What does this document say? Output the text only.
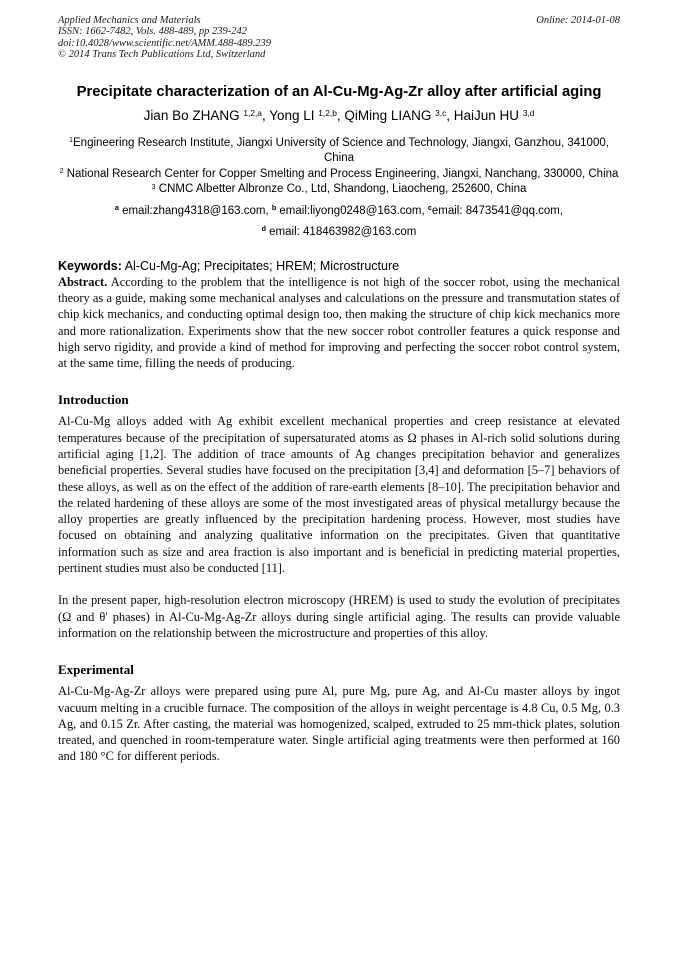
Applied Mechanics and Materials
ISSN: 1662-7482, Vols. 488-489, pp 239-242
doi:10.4028/www.scientific.net/AMM.488-489.239
© 2014 Trans Tech Publications Ltd, Switzerland
Online: 2014-01-08
Precipitate characterization of an Al-Cu-Mg-Ag-Zr alloy after artificial aging
Jian Bo ZHANG $^{1,2,a}$, Yong LI $^{1,2,b}$, QiMing LIANG $^{3,c}$, HaiJun HU $^{3,d}$
$^1$Engineering Research Institute, Jiangxi University of Science and Technology, Jiangxi, Ganzhou, 341000, China
$^2$ National Research Center for Copper Smelting and Process Engineering, Jiangxi, Nanchang, 330000, China
$^3$ CNMC Albetter Albronze Co., Ltd, Shandong, Liaocheng, 252600, China
$^a$ email:zhang4318@163.com, $^b$ email:liyong0248@163.com, $^c$email: 8473541@qq.com,
$^d$ email: 418463982@163.com

Keywords: Al-Cu-Mg-Ag; Precipitates; HREM; Microstructure

Abstract. According to the problem that the intelligence is not high of the soccer robot, using the mechanical theory as a guide, making some mechanical analyses and calculations on the pressure and transmutation states of chip kick mechanics, and conducting optimal design too, then making the structure of chip kick mechanics more and more rationalization. Experiments show that the new soccer robot controller features a quick response and high servo rigidity, and provide a kind of method for improving and perfecting the soccer robot control system, at the same time, filling the needs of producing.

Introduction

Al-Cu-Mg alloys added with Ag exhibit excellent mechanical properties and creep resistance at elevated temperatures because of the precipitation of supersaturated atoms as Ω phases in Al-rich solid solutions during artificial aging [1,2]. The addition of trace amounts of Ag changes precipitation behavior and generalizes beneficial properties. Several studies have focused on the precipitation [3,4] and deformation [5–7] behaviors of these alloys, as well as on the effect of the addition of rare-earth elements [8–10]. The precipitation behavior and the related hardening of these alloys are some of the most investigated areas of physical metallurgy because the alloy properties are greatly influenced by the precipitation hardening process. However, most studies have focused on obtaining and analyzing qualitative information on the precipitates. Given that quantitative information such as size and area fraction is also important and is beneficial in predicting material properties, pertinent studies must also be conducted [11].

In the present paper, high-resolution electron microscopy (HREM) is used to study the evolution of precipitates (Ω and θ' phases) in Al-Cu-Mg-Ag-Zr alloys during single artificial aging. The results can provide valuable information on the relationship between the microstructure and properties of this alloy.

Experimental

Al-Cu-Mg-Ag-Zr alloys were prepared using pure Al, pure Mg, pure Ag, and Al-Cu master alloys by ingot vacuum melting in a crucible furnace. The composition of the alloys in weight percentage is 4.8 Cu, 0.5 Mg, 0.3 Ag, and 0.15 Zr. After casting, the material was homogenized, scalped, extruded to 25 mm-thick plates, solution treated, and quenched in room-temperature water. Single artificial aging treatments were then performed at 160 and 180 °C for different periods.
